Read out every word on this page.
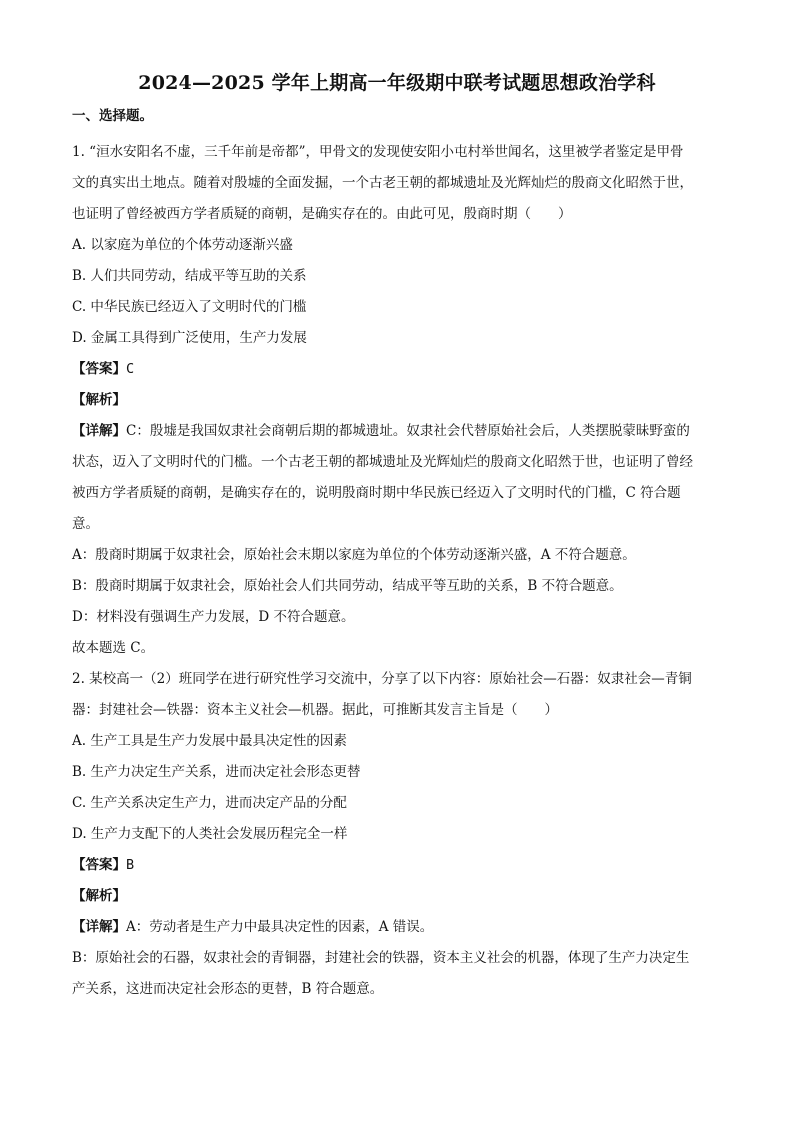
2024—2025 学年上期高一年级期中联考试题思想政治学科
一、选择题。
1. “洹水安阳名不虚，三千年前是帝都”，甲骨文的发现使安阳小屯村举世闻名，这里被学者鉴定是甲骨
文的真实出土地点。随着对殷墟的全面发掘，一个古老王朝的都城遗址及光辉灿烂的殷商文化昭然于世，
也证明了曾经被西方学者质疑的商朝，是确实存在的。由此可见，殷商时期（　　）
A. 以家庭为单位的个体劳动逐渐兴盛
B. 人们共同劳动，结成平等互助的关系
C. 中华民族已经迈入了文明时代的门槛
D. 金属工具得到广泛使用，生产力发展
【答案】C
【解析】
【详解】C：殷墟是我国奴隶社会商朝后期的都城遗址。奴隶社会代替原始社会后，人类摆脱蒙昧野蛮的
状态，迈入了文明时代的门槛。一个古老王朝的都城遗址及光辉灿烂的殷商文化昭然于世，也证明了曾经
被西方学者质疑的商朝，是确实存在的，说明殷商时期中华民族已经迈入了文明时代的门槛，C 符合题
意。
A：殷商时期属于奴隶社会，原始社会末期以家庭为单位的个体劳动逐渐兴盛，A 不符合题意。
B：殷商时期属于奴隶社会，原始社会人们共同劳动，结成平等互助的关系，B 不符合题意。
D：材料没有强调生产力发展，D 不符合题意。
故本题选 C。
2. 某校高一（2）班同学在进行研究性学习交流中，分享了以下内容：原始社会—石器：奴隶社会—青铜
器：封建社会—铁器：资本主义社会—机器。据此，可推断其发言主旨是（　　）
A. 生产工具是生产力发展中最具决定性的因素
B. 生产力决定生产关系，进而决定社会形态更替
C. 生产关系决定生产力，进而决定产品的分配
D. 生产力支配下的人类社会发展历程完全一样
【答案】B
【解析】
【详解】A：劳动者是生产力中最具决定性的因素，A 错误。
B：原始社会的石器，奴隶社会的青铜器，封建社会的铁器，资本主义社会的机器，体现了生产力决定生
产关系，这进而决定社会形态的更替，B 符合题意。
